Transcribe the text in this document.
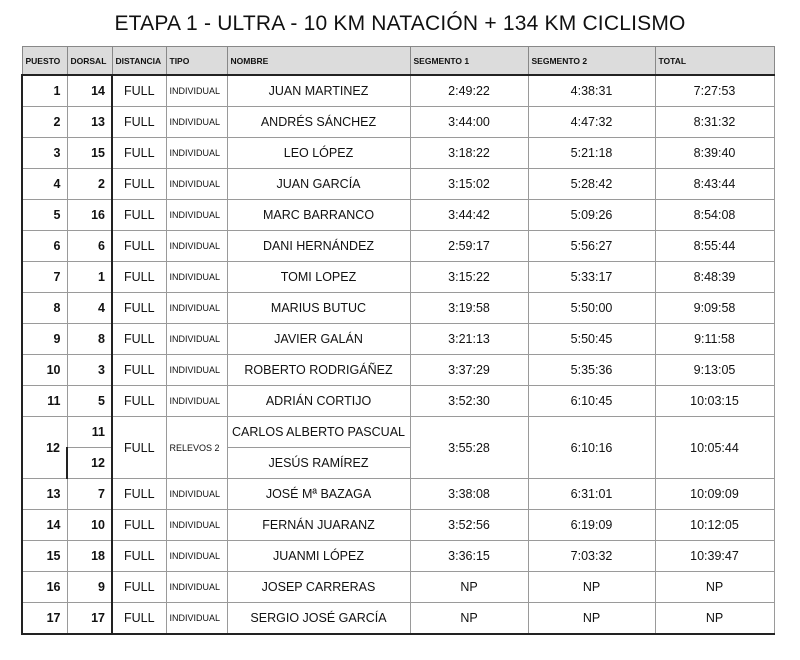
ETAPA 1 - ULTRA - 10 KM NATACIÓN + 134 KM CICLISMO
PUESTO	DORSAL	DISTANCIA	TIPO	NOMBRE	SEGMENTO 1	SEGMENTO 2	TOTAL
1	14	FULL	INDIVIDUAL	JUAN MARTINEZ	2:49:22	4:38:31	7:27:53
2	13	FULL	INDIVIDUAL	ANDRÉS SÁNCHEZ	3:44:00	4:47:32	8:31:32
3	15	FULL	INDIVIDUAL	LEO LÓPEZ	3:18:22	5:21:18	8:39:40
4	2	FULL	INDIVIDUAL	JUAN GARCÍA	3:15:02	5:28:42	8:43:44
5	16	FULL	INDIVIDUAL	MARC BARRANCO	3:44:42	5:09:26	8:54:08
6	6	FULL	INDIVIDUAL	DANI HERNÁNDEZ	2:59:17	5:56:27	8:55:44
7	1	FULL	INDIVIDUAL	TOMI LOPEZ	3:15:22	5:33:17	8:48:39
8	4	FULL	INDIVIDUAL	MARIUS BUTUC	3:19:58	5:50:00	9:09:58
9	8	FULL	INDIVIDUAL	JAVIER GALÁN	3:21:13	5:50:45	9:11:58
10	3	FULL	INDIVIDUAL	ROBERTO RODRIGÁÑEZ	3:37:29	5:35:36	9:13:05
11	5	FULL	INDIVIDUAL	ADRIÁN CORTIJO	3:52:30	6:10:45	10:03:15
12	11	FULL	RELEVOS 2	CARLOS ALBERTO PASCUAL	3:55:28	6:10:16	10:05:44
	12			JESÚS RAMÍREZ			
13	7	FULL	INDIVIDUAL	JOSÉ Mª BAZAGA	3:38:08	6:31:01	10:09:09
14	10	FULL	INDIVIDUAL	FERNÁN JUARANZ	3:52:56	6:19:09	10:12:05
15	18	FULL	INDIVIDUAL	JUANMI LÓPEZ	3:36:15	7:03:32	10:39:47
16	9	FULL	INDIVIDUAL	JOSEP CARRERAS	NP	NP	NP
17	17	FULL	INDIVIDUAL	SERGIO JOSÉ GARCÍA	NP	NP	NP
